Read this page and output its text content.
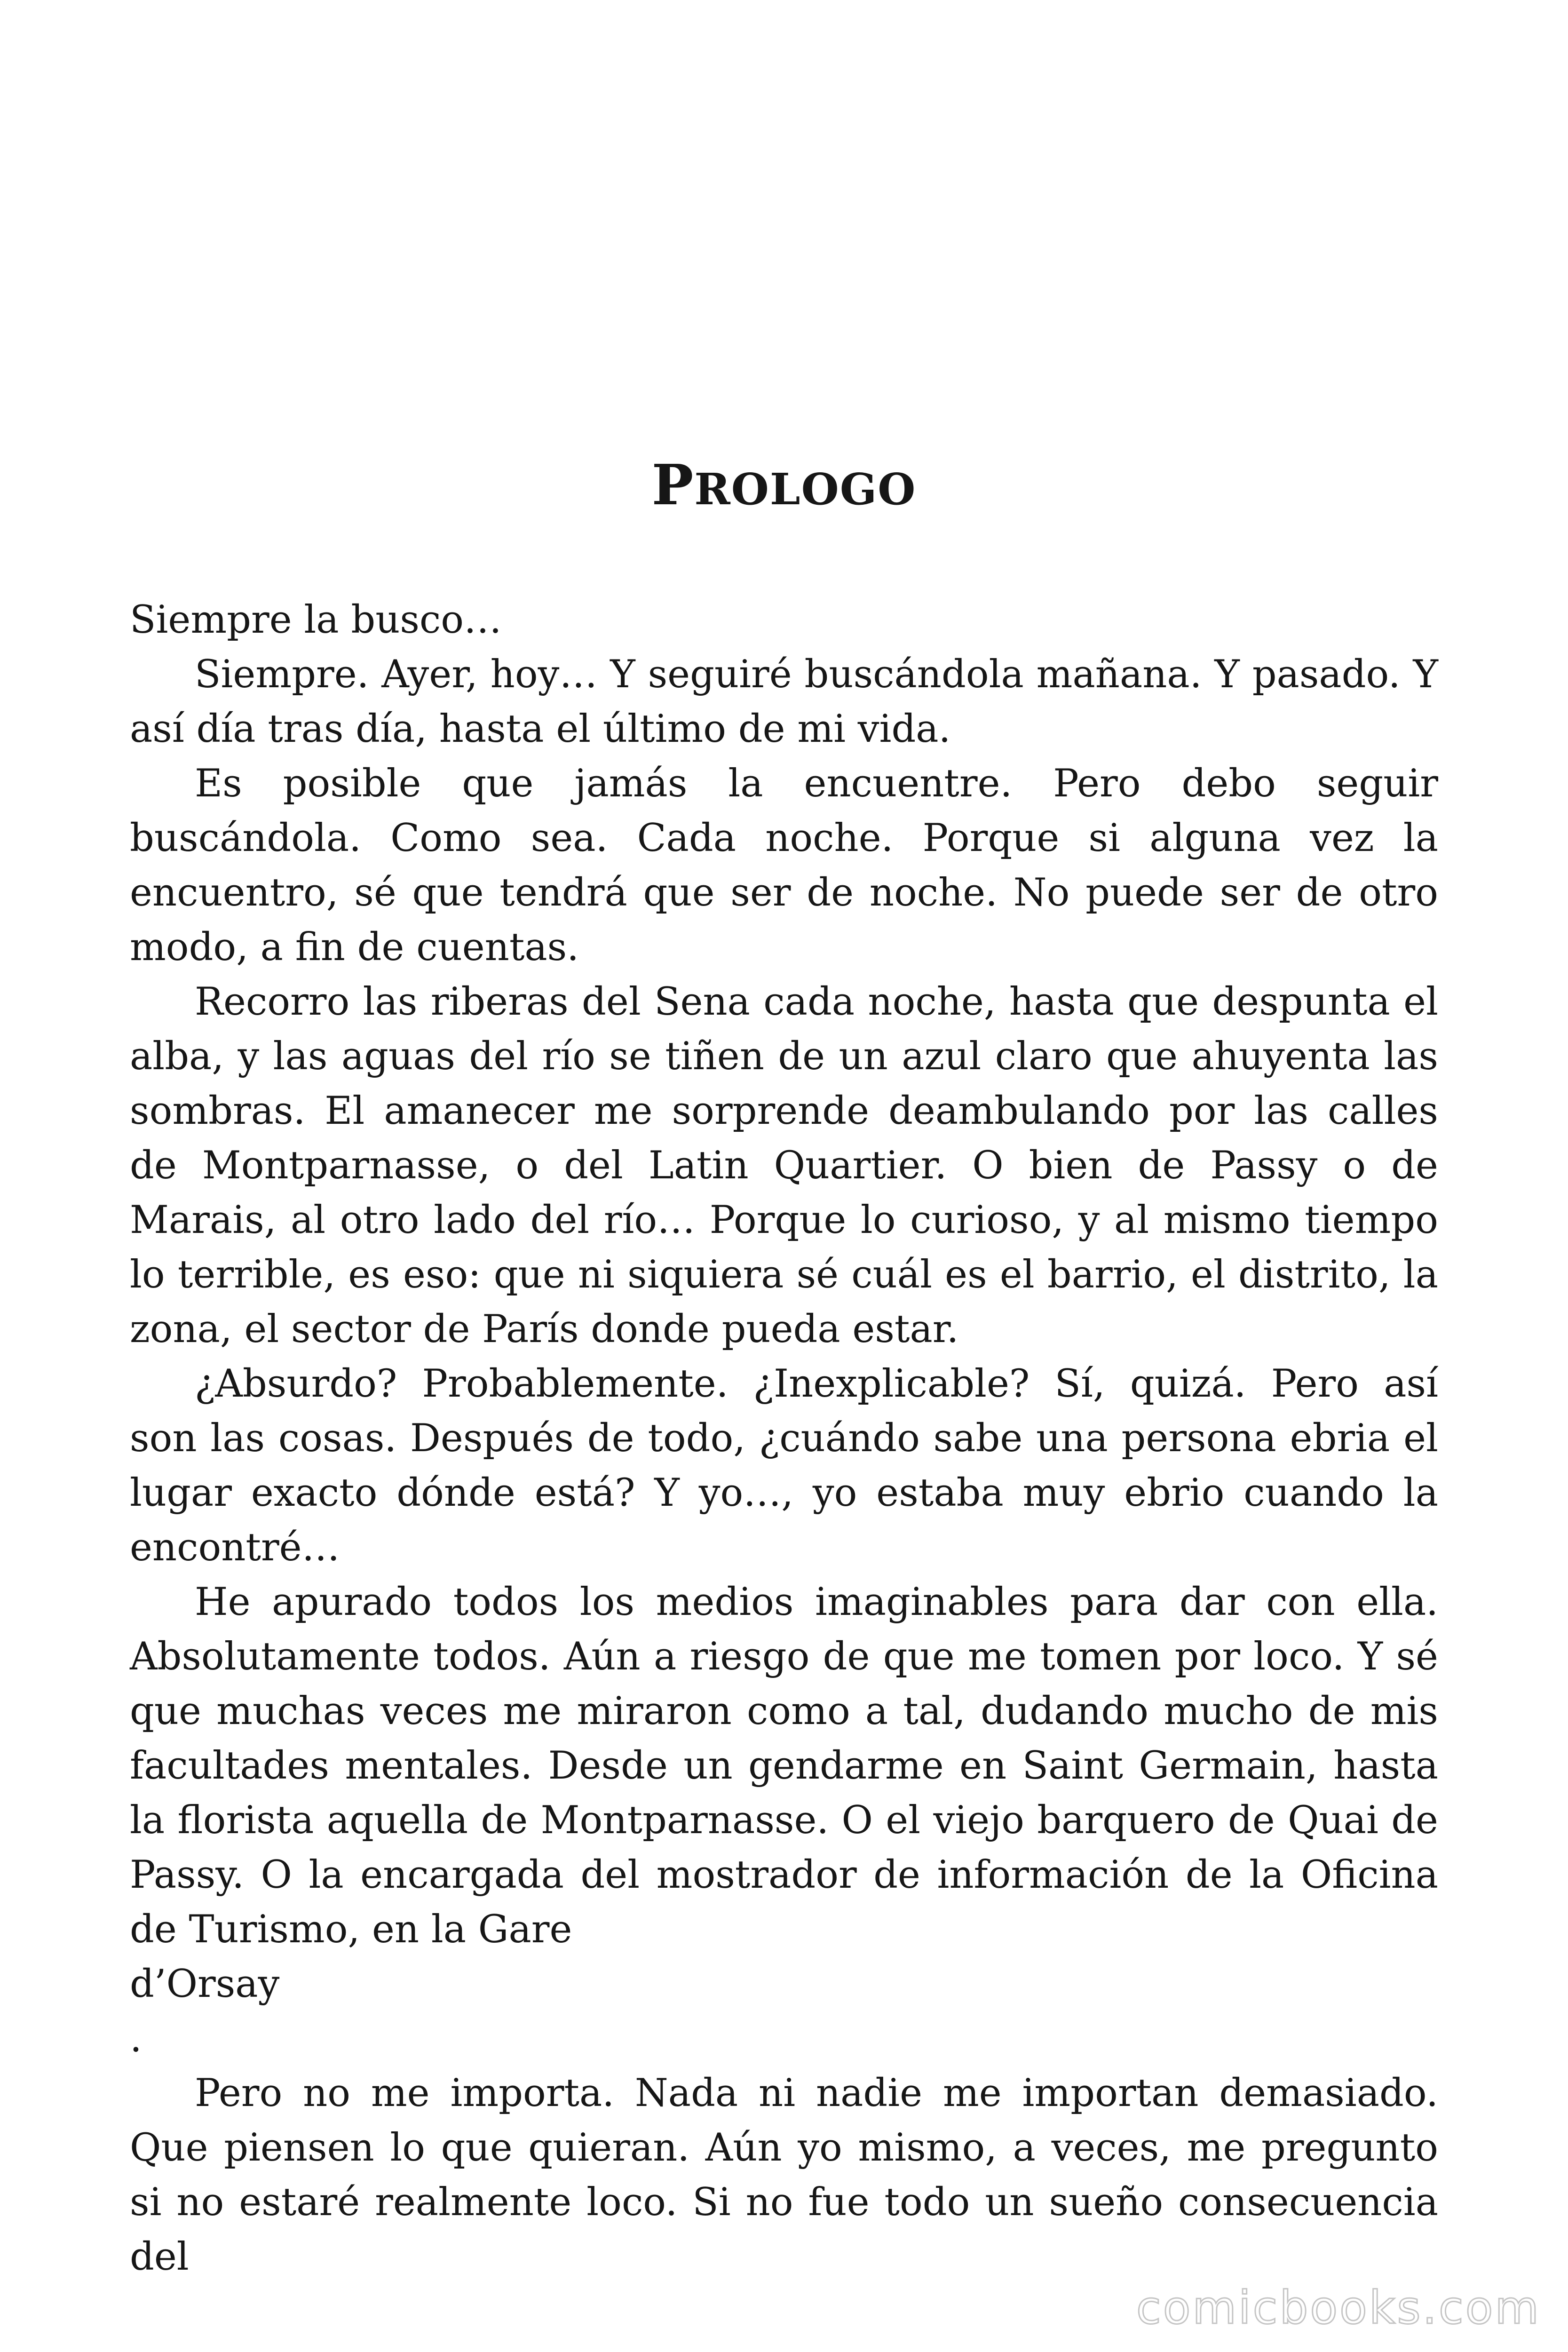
PROLOGO

Siempre la busco…

Siempre. Ayer, hoy… Y seguiré buscándola mañana. Y pasado. Y así día tras día, hasta el último de mi vida.

Es posible que jamás la encuentre. Pero debo seguir buscándola. Como sea. Cada noche. Porque si alguna vez la encuentro, sé que tendrá que ser de noche. No puede ser de otro modo, a fin de cuentas.

Recorro las riberas del Sena cada noche, hasta que despunta el alba, y las aguas del río se tiñen de un azul claro que ahuyenta las sombras. El amanecer me sorprende deambulando por las calles de Montparnasse, o del Latin Quartier. O bien de Passy o de Marais, al otro lado del río… Porque lo curioso, y al mismo tiempo lo terrible, es eso: que ni siquiera sé cuál es el barrio, el distrito, la zona, el sector de París donde pueda estar.

¿Absurdo? Probablemente. ¿Inexplicable? Sí, quizá. Pero así son las cosas. Después de todo, ¿cuándo sabe una persona ebria el lugar exacto dónde está? Y yo…, yo estaba muy ebrio cuando la encontré…

He apurado todos los medios imaginables para dar con ella. Absolutamente todos. Aún a riesgo de que me tomen por loco. Y sé que muchas veces me miraron como a tal, dudando mucho de mis facultades mentales. Desde un gendarme en Saint Germain, hasta la florista aquella de Montparnasse. O el viejo barquero de Quai de Passy. O la encargada del mostrador de información de la Oficina de Turismo, en la Gare

d’Orsay

.

Pero no me importa. Nada ni nadie me importan demasiado. Que piensen lo que quieran. Aún yo mismo, a veces, me pregunto si no estaré realmente loco. Si no fue todo un sueño consecuencia del

comicbooks.com
